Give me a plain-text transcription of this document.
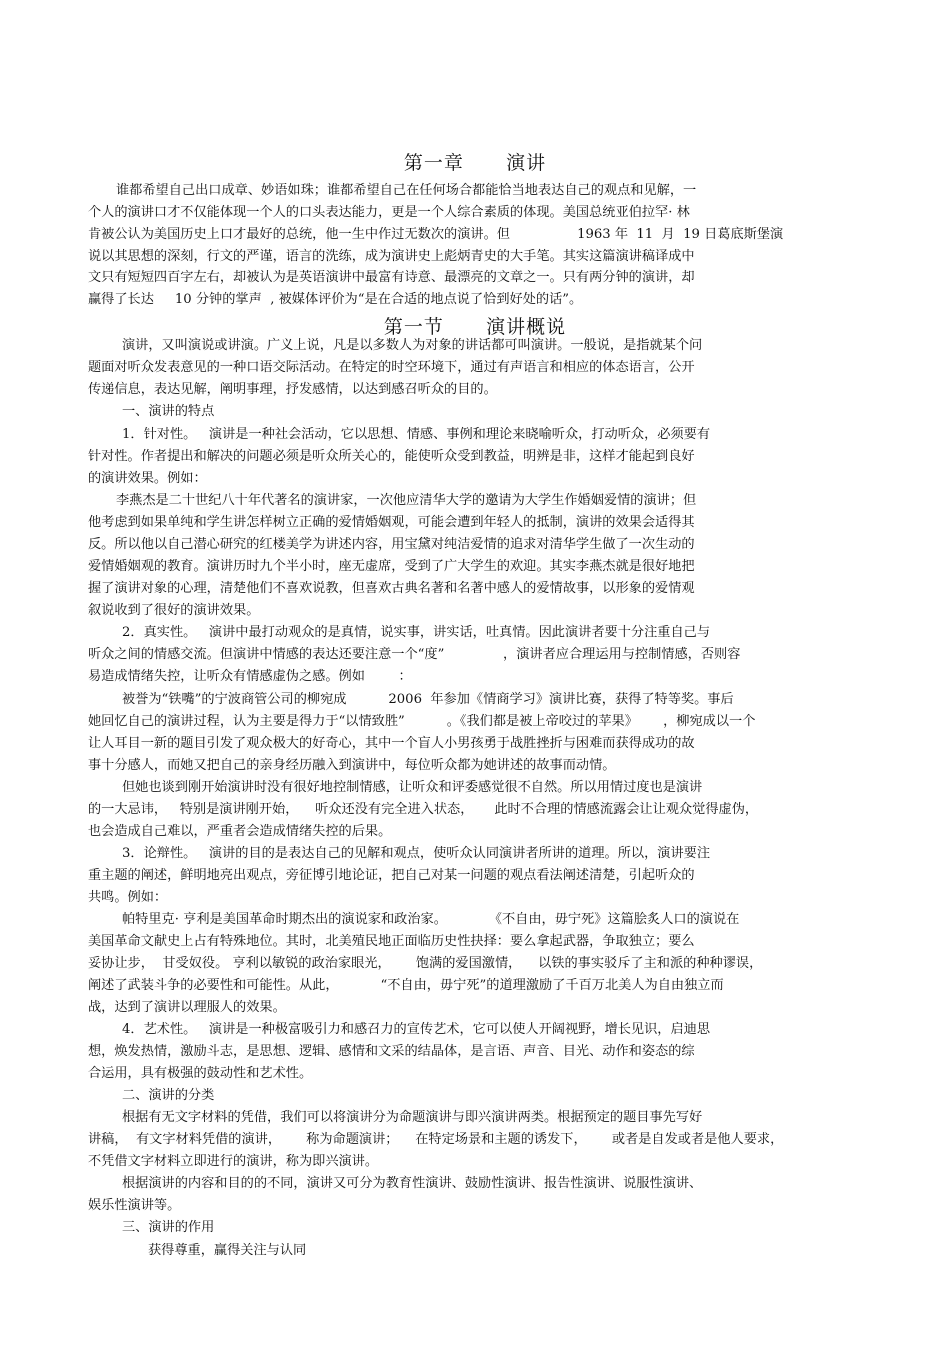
第一章      演讲
第一节      演讲概说
谁都希望自己出口成章、妙语如珠；谁都希望自己在任何场合都能恰当地表达自己的观点和见解，一
个人的演讲口才不仅能体现一个人的口头表达能力，更是一个人综合素质的体现。美国总统亚伯拉罕· 林
肯被公认为美国历史上口才最好的总统，他一生中作过无数次的演讲。但                1963 年  11  月  19 日葛底斯堡演
说以其思想的深刻，行文的严谨，语言的洗练，成为演讲史上彪炳青史的大手笔。其实这篇演讲稿译成中
文只有短短四百字左右，却被认为是英语演讲中最富有诗意、最漂亮的文章之一。只有两分钟的演讲，却
赢得了长达     10 分钟的掌声  , 被媒体评价为“是在合适的地点说了恰到好处的话”。
演讲，又叫演说或讲演。广义上说，凡是以多数人为对象的讲话都可叫演讲。一般说，是指就某个问
题面对听众发表意见的一种口语交际活动。在特定的时空环境下，通过有声语言和相应的体态语言，公开
传递信息，表达见解，阐明事理，抒发感情，以达到感召听众的目的。
一、演讲的特点
1．针对性。   演讲是一种社会活动，它以思想、情感、事例和理论来晓喻听众，打动听众，必须要有
针对性。作者提出和解决的问题必须是听众所关心的，能使听众受到教益，明辨是非，这样才能起到良好
的演讲效果。例如：
李燕杰是二十世纪八十年代著名的演讲家，一次他应清华大学的邀请为大学生作婚姻爱情的演讲；但
他考虑到如果单纯和学生讲怎样树立正确的爱情婚姻观，可能会遭到年轻人的抵制，演讲的效果会适得其
反。所以他以自己潜心研究的红楼美学为讲述内容，用宝黛对纯洁爱情的追求对清华学生做了一次生动的
爱情婚姻观的教育。演讲历时九个半小时，座无虚席，受到了广大学生的欢迎。其实李燕杰就是很好地把
握了演讲对象的心理，清楚他们不喜欢说教，但喜欢古典名著和名著中感人的爱情故事，以形象的爱情观
叙说收到了很好的演讲效果。
2．真实性。   演讲中最打动观众的是真情，说实事，讲实话，吐真情。因此演讲者要十分注重自己与
听众之间的情感交流。但演讲中情感的表达还要注意一个“度”              ，演讲者应合理运用与控制情感，否则容
易造成情绪失控，让听众有情感虚伪之感。例如        ：
被誉为“铁嘴”的宁波商管公司的柳宛成          2006  年参加《情商学习》演讲比赛，获得了特等奖。事后
她回忆自己的演讲过程，认为主要是得力于“以情致胜”          。《我们都是被上帝咬过的苹果》      ，柳宛成以一个
让人耳目一新的题目引发了观众极大的好奇心，其中一个盲人小男孩勇于战胜挫折与困难而获得成功的故
事十分感人，而她又把自己的亲身经历融入到演讲中，每位听众都为她讲述的故事而动情。
但她也谈到刚开始演讲时没有很好地控制情感，让听众和评委感觉很不自然。所以用情过度也是演讲
的一大忌讳，   特别是演讲刚开始，    听众还没有完全进入状态，     此时不合理的情感流露会让让观众觉得虚伪，
也会造成自己难以，严重者会造成情绪失控的后果。
3．论辩性。   演讲的目的是表达自己的见解和观点，使听众认同演讲者所讲的道理。所以，演讲要注
重主题的阐述，鲜明地亮出观点，旁征博引地论证，把自己对某一问题的观点看法阐述清楚，引起听众的
共鸣。例如：
帕特里克· 亨利是美国革命时期杰出的演说家和政治家。          《不自由，毋宁死》这篇脍炙人口的演说在
美国革命文献史上占有特殊地位。其时，北美殖民地正面临历史性抉择：要么拿起武器，争取独立；要么
妥协让步，  甘受奴役。 亨利以敏锐的政治家眼光，      饱满的爱国激情，    以铁的事实驳斥了主和派的种种谬误，
阐述了武装斗争的必要性和可能性。从此，          “不自由，毋宁死”的道理激励了千百万北美人为自由独立而
战，达到了演讲以理服人的效果。
4．艺术性。   演讲是一种极富吸引力和感召力的宣传艺术，它可以使人开阔视野，增长见识，启迪思
想，焕发热情，激励斗志，是思想、逻辑、感情和文采的结晶体，是言语、声音、目光、动作和姿态的综
合运用，具有极强的鼓动性和艺术性。
二、演讲的分类
根据有无文字材料的凭借，我们可以将演讲分为命题演讲与即兴演讲两类。根据预定的题目事先写好
讲稿，  有文字材料凭借的演讲，      称为命题演讲；    在特定场景和主题的诱发下，      或者是自发或者是他人要求，
不凭借文字材料立即进行的演讲，称为即兴演讲。
根据演讲的内容和目的的不同，演讲又可分为教育性演讲、鼓励性演讲、报告性演讲、说服性演讲、
娱乐性演讲等。
三、演讲的作用
获得尊重，赢得关注与认同
